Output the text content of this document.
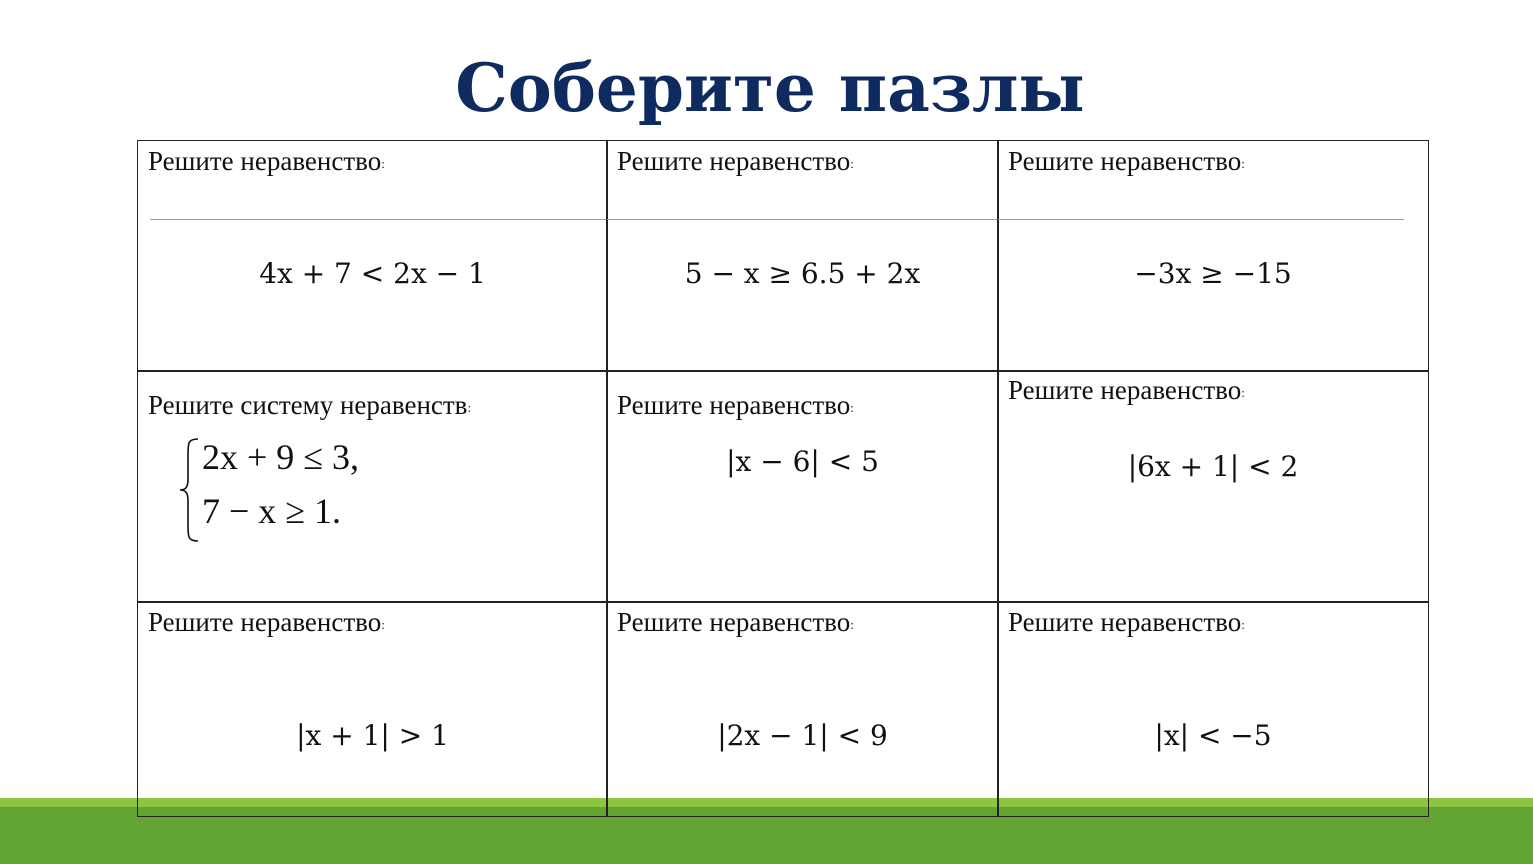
Соберите пазлы
Решите неравенство:
4x + 7 < 2x − 1
Решите неравенство:
5 − x ≥ 6.5 + 2x
Решите неравенство:
−3x ≥ −15
Решите систему неравенств:
2x + 9 ≤ 3,
7 − x ≥ 1.
Решите неравенство:
|x − 6| < 5
Решите неравенство:
|6x + 1| < 2
Решите неравенство:
|x + 1| > 1
Решите неравенство:
|2x − 1| < 9
Решите неравенство:
|x| < −5
